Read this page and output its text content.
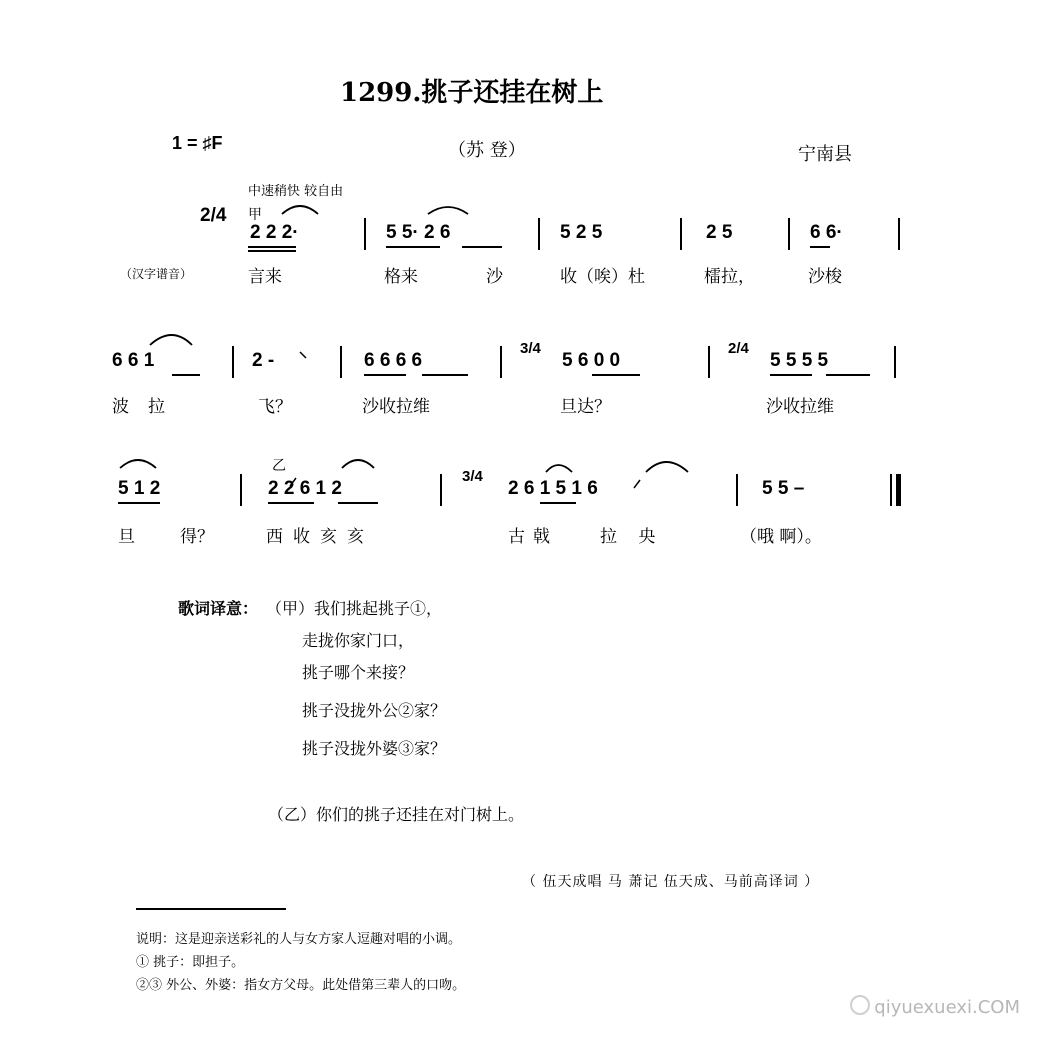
1299.挑子还挂在树上
1 = ♯F	（苏 登）	宁南县
中速稍快 较自由
2/4 甲
2 2 2·	5 5· 2 6	5 2 5	2 5	6 6·
（汉字谱音）	言来	格来	沙	收（唉）杜	檑拉，	沙梭
6 6 1	2 -	6 6 6 6
3/4
5 6 0 0
2/4
5 5 5 5
波 拉	飞？	沙收拉维	旦达？	沙收拉维
乙
5 1 2	2 2 6 1 2
3/4
2 6 1 5 1 6	5 5 –
旦	得？	西收亥亥	古戟 拉 央	（哦 啊）。
歌词译意： （甲）我们挑起挑子①，
走拢你家门口，
挑子哪个来接？
挑子没拢外公②家？
挑子没拢外婆③家？
（乙）你们的挑子还挂在对门树上。
（ 伍天成唱 马 萧记 伍天成、马前高译词 ）
说明：这是迎亲送彩礼的人与女方家人逗趣对唱的小调。
① 挑子：即担子。
②③ 外公、外婆：指女方父母。此处借第三辈人的口吻。
qiyuexuexi.COM
